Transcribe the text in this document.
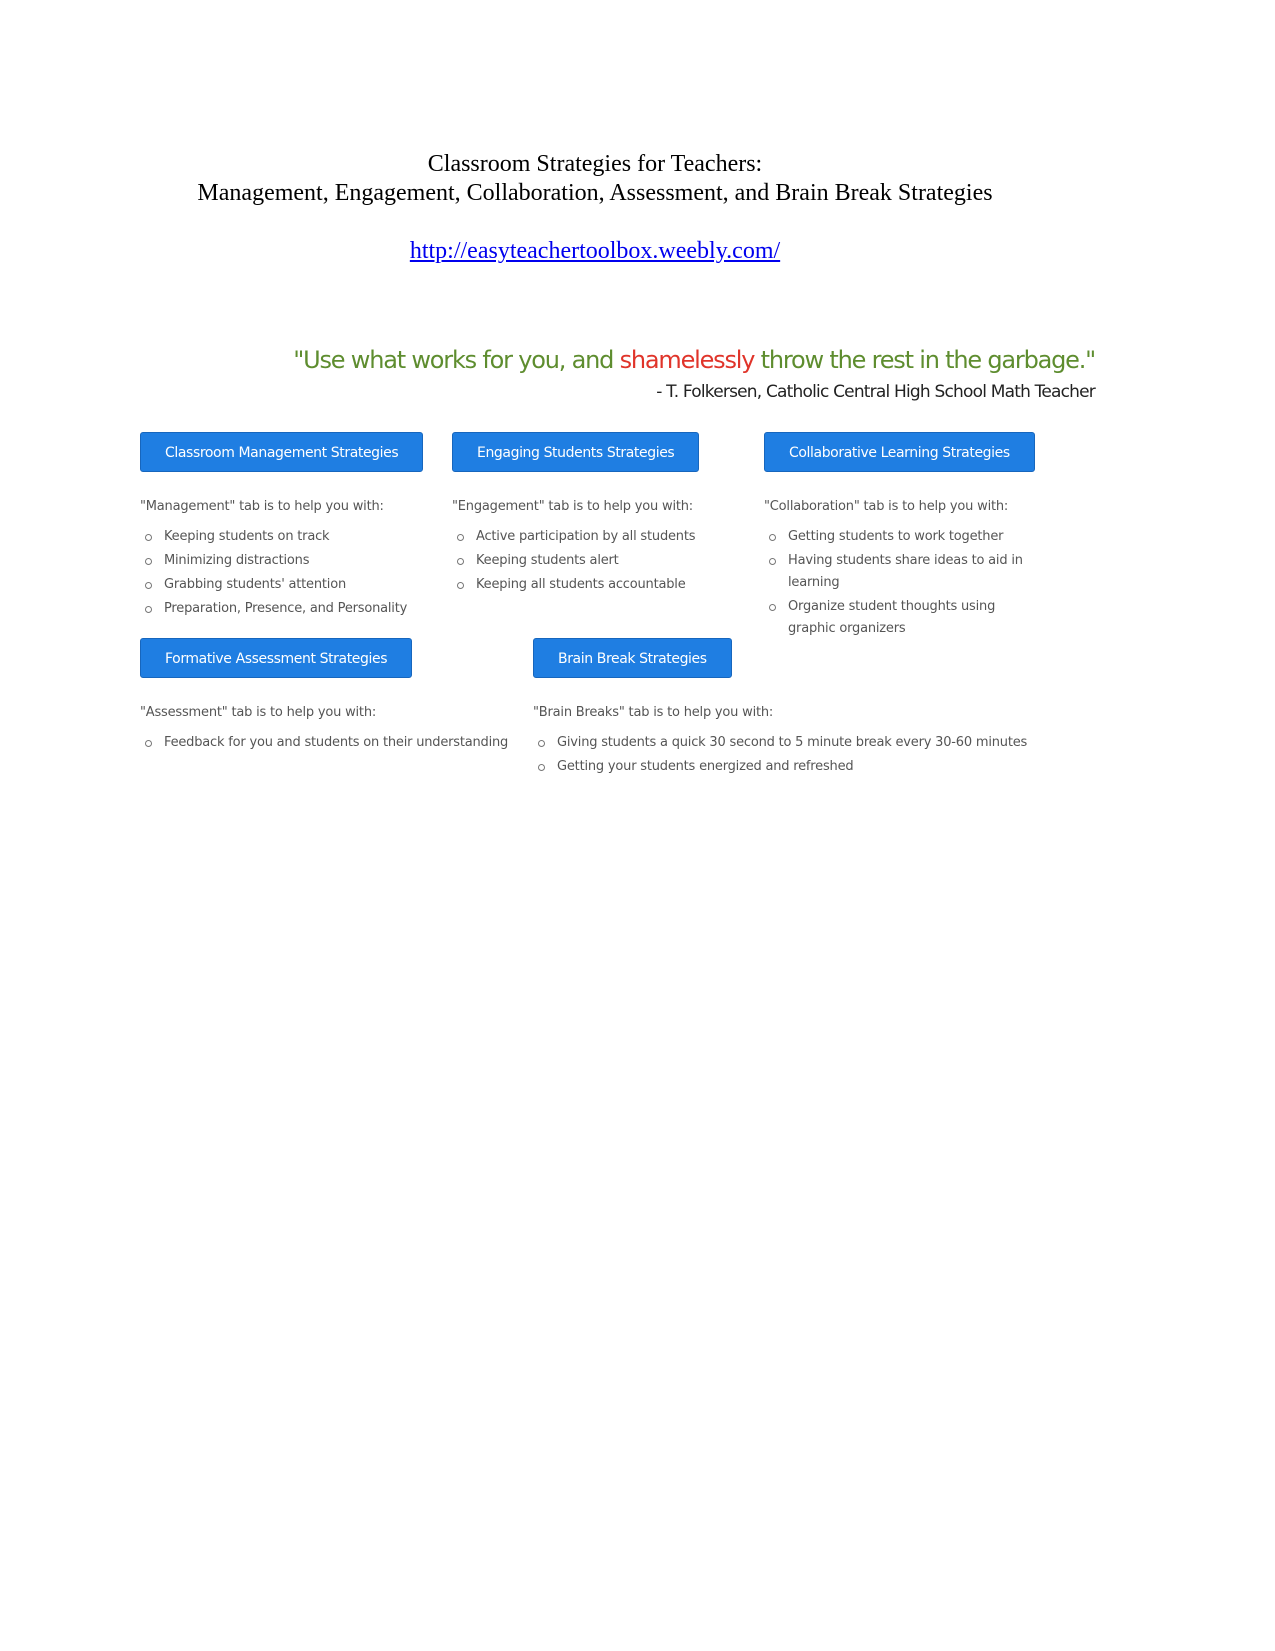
Classroom Strategies for Teachers:
Management, Engagement, Collaboration, Assessment, and Brain Break Strategies
http://easyteachertoolbox.weebly.com/
"Use what works for you, and shamelessly throw the rest in the garbage."
- T. Folkersen, Catholic Central High School Math Teacher
Classroom Management Strategies
"Management" tab is to help you with:
Keeping students on track
Minimizing distractions
Grabbing students' attention
Preparation, Presence, and Personality
Engaging Students Strategies
"Engagement" tab is to help you with:
Active participation by all students
Keeping students alert
Keeping all students accountable
Collaborative Learning Strategies
"Collaboration" tab is to help you with:
Getting students to work together
Having students share ideas to aid in learning
Organize student thoughts using graphic organizers
Formative Assessment Strategies
"Assessment" tab is to help you with:
Feedback for you and students on their understanding
Brain Break Strategies
"Brain Breaks" tab is to help you with:
Giving students a quick 30 second to 5 minute break every 30-60 minutes
Getting your students energized and refreshed
